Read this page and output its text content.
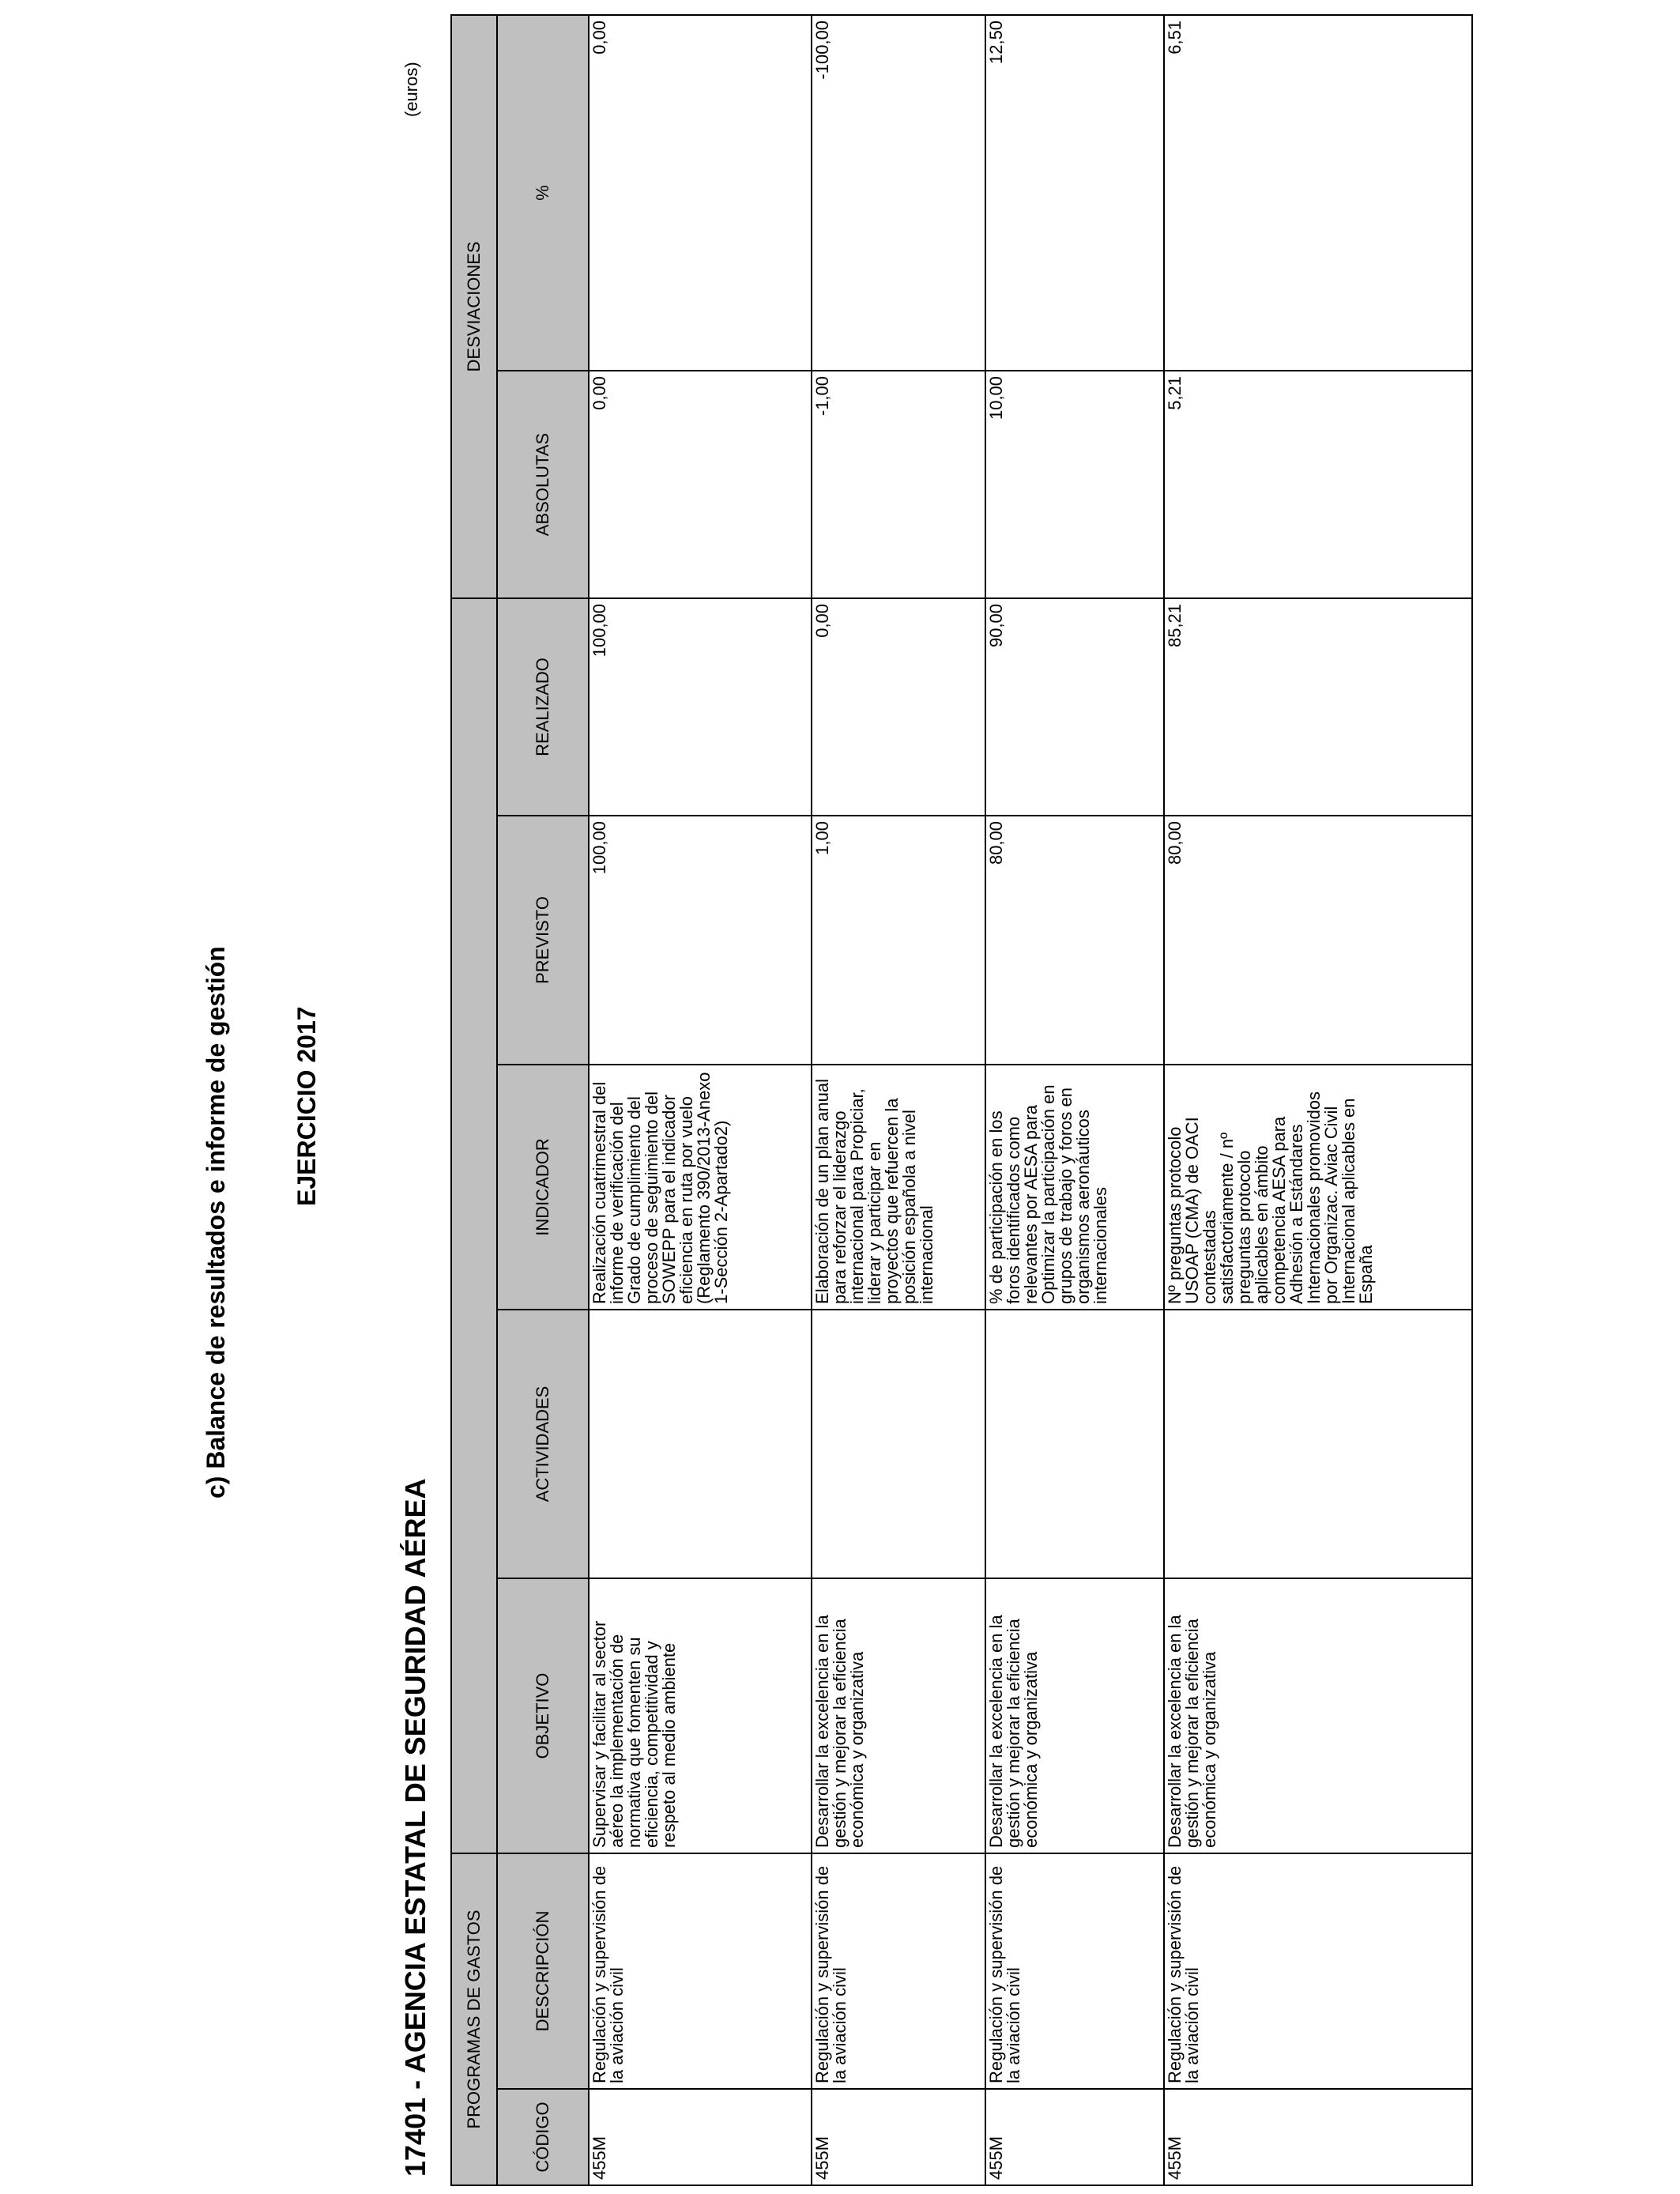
c) Balance de resultados e informe de gestión EJERCICIO 2017
17401 - AGENCIA ESTATAL DE SEGURIDAD AÉREA
(euros)
PROGRAMAS DE GASTOS							DESVIACIONES	
CÓDIGO	DESCRIPCIÓN	OBJETIVO	ACTIVIDADES	INDICADOR	PREVISTO	REALIZADO	ABSOLUTAS	%
455M	Regulación y supervisión de la aviación civil	Supervisar y facilitar al sector aéreo la implementación de normativa que fomenten su eficiencia, competitividad y respeto al medio ambiente		Realización cuatrimestral del informe de verificación del Grado de cumplimiento del proceso de seguimiento del SOWEPP para el indicador eficiencia en ruta por vuelo (Reglamento 390/2013-Anexo 1-Sección 2-Apartado2)	100,00	100,00	0,00	0,00
455M	Regulación y supervisión de la aviación civil	Desarrollar la excelencia en la gestión y mejorar la eficiencia económica y organizativa		Elaboración de un plan anual para reforzar el liderazgo internacional para Propiciar, liderar y participar en proyectos que refuercen la posición española a nivel internacional	1,00	0,00	-1,00	-100,00
455M	Regulación y supervisión de la aviación civil	Desarrollar la excelencia en la gestión y mejorar la eficiencia económica y organizativa		% de participación en los foros identificados como relevantes por AESA para Optimizar la participación en grupos de trabajo y foros en organismos aeronáuticos internacionales	80,00	90,00	10,00	12,50
455M	Regulación y supervisión de la aviación civil	Desarrollar la excelencia en la gestión y mejorar la eficiencia económica y organizativa		Nº preguntas protocolo USOAP (CMA) de OACI contestadas satisfactoriamente / nº preguntas protocolo aplicables en ámbito competencia AESA para Adhesión a Estándares Internacionales promovidos por Organizac. Aviac Civil Internacional aplicables en España	80,00	85,21	5,21	6,51
